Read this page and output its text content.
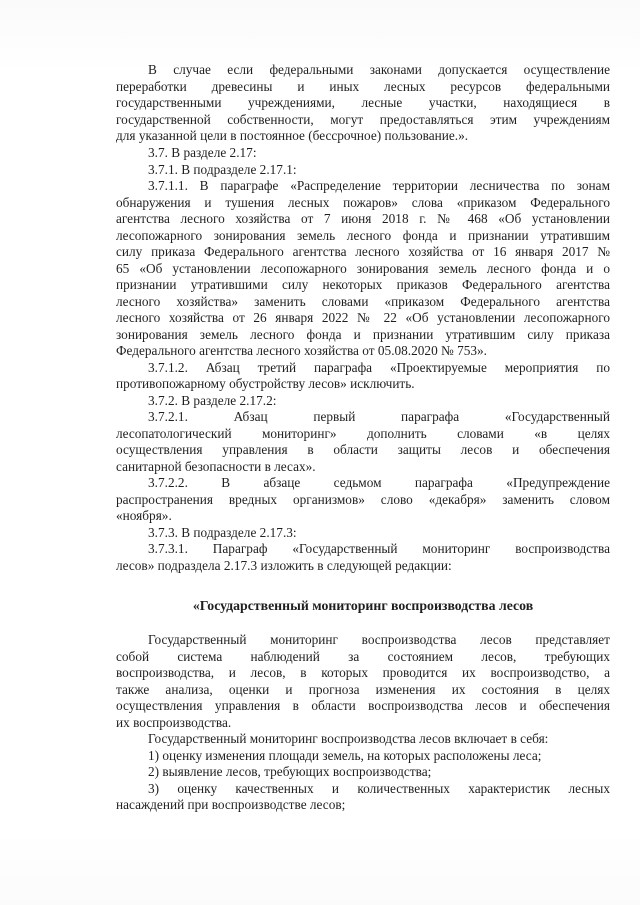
В случае если федеральными законами допускается осуществление
переработки древесины и иных лесных ресурсов федеральными
государственными учреждениями, лесные участки, находящиеся в
государственной собственности, могут предоставляться этим учреждениям
для указанной цели в постоянное (бессрочное) пользование.».
3.7. В разделе 2.17:
3.7.1. В подразделе 2.17.1:
3.7.1.1. В параграфе «Распределение территории лесничества по зонам
обнаружения и тушения лесных пожаров» слова «приказом Федерального
агентства лесного хозяйства от 7 июня 2018 г. № 468 «Об установлении
лесопожарного зонирования земель лесного фонда и признании утратившим
силу приказа Федерального агентства лесного хозяйства от 16 января 2017 №
65 «Об установлении лесопожарного зонирования земель лесного фонда и о
признании утратившими силу некоторых приказов Федерального агентства
лесного хозяйства» заменить словами «приказом Федерального агентства
лесного хозяйства от 26 января 2022 № 22 «Об установлении лесопожарного
зонирования земель лесного фонда и признании утратившим силу приказа
Федерального агентства лесного хозяйства от 05.08.2020 № 753».
3.7.1.2. Абзац третий параграфа «Проектируемые мероприятия по
противопожарному обустройству лесов» исключить.
3.7.2. В разделе 2.17.2:
3.7.2.1. Абзац первый параграфа «Государственный
лесопатологический мониторинг» дополнить словами «в целях
осуществления управления в области защиты лесов и обеспечения
санитарной безопасности в лесах».
3.7.2.2. В абзаце седьмом параграфа «Предупреждение
распространения вредных организмов» слово «декабря» заменить словом
«ноября».
3.7.3. В подразделе 2.17.3:
3.7.3.1. Параграф «Государственный мониторинг воспроизводства
лесов» подраздела 2.17.3 изложить в следующей редакции:
Государственный мониторинг воспроизводства лесов представляет
собой система наблюдений за состоянием лесов, требующих
воспроизводства, и лесов, в которых проводится их воспроизводство, а
также анализа, оценки и прогноза изменения их состояния в целях
осуществления управления в области воспроизводства лесов и обеспечения
их воспроизводства.
Государственный мониторинг воспроизводства лесов включает в себя:
1) оценку изменения площади земель, на которых расположены леса;
2) выявление лесов, требующих воспроизводства;
3) оценку качественных и количественных характеристик лесных
насаждений при воспроизводстве лесов;
«Государственный мониторинг воспроизводства лесов
